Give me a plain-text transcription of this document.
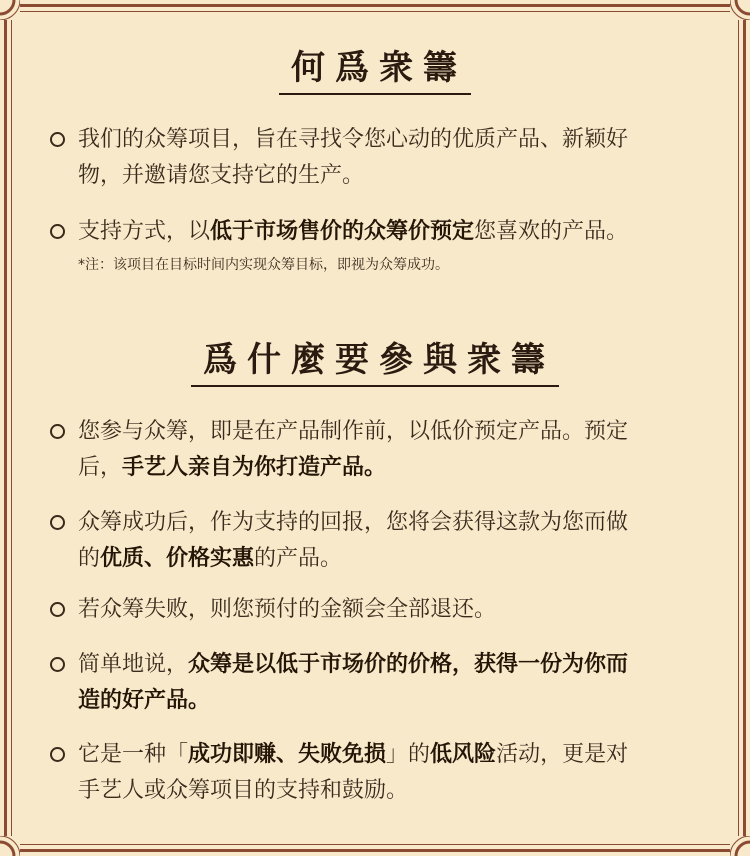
何爲衆籌
我们的众筹项目，旨在寻找令您心动的优质产品、新颖好
物，并邀请您支持它的生产。
支持方式，以低于市场售价的众筹价预定您喜欢的产品。
*注：该项目在目标时间内实现众筹目标，即视为众筹成功。
爲什麼要參與衆籌
您参与众筹，即是在产品制作前，以低价预定产品。预定
后，手艺人亲自为你打造产品。
众筹成功后，作为支持的回报，您将会获得这款为您而做
的优质、价格实惠的产品。
若众筹失败，则您预付的金额会全部退还。
简单地说，众筹是以低于市场价的价格，获得一份为你而
造的好产品。
它是一种「成功即赚、失败免损」的低风险活动，更是对
手艺人或众筹项目的支持和鼓励。
